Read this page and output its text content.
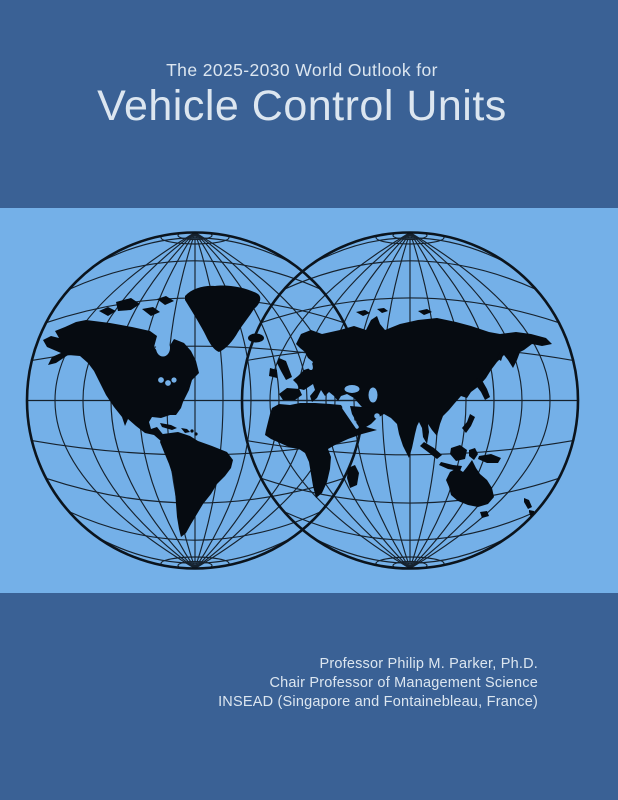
The 2025-2030 World Outlook for
Vehicle Control Units
Professor Philip M. Parker, Ph.D.
Chair Professor of Management Science
INSEAD (Singapore and Fontainebleau, France)
